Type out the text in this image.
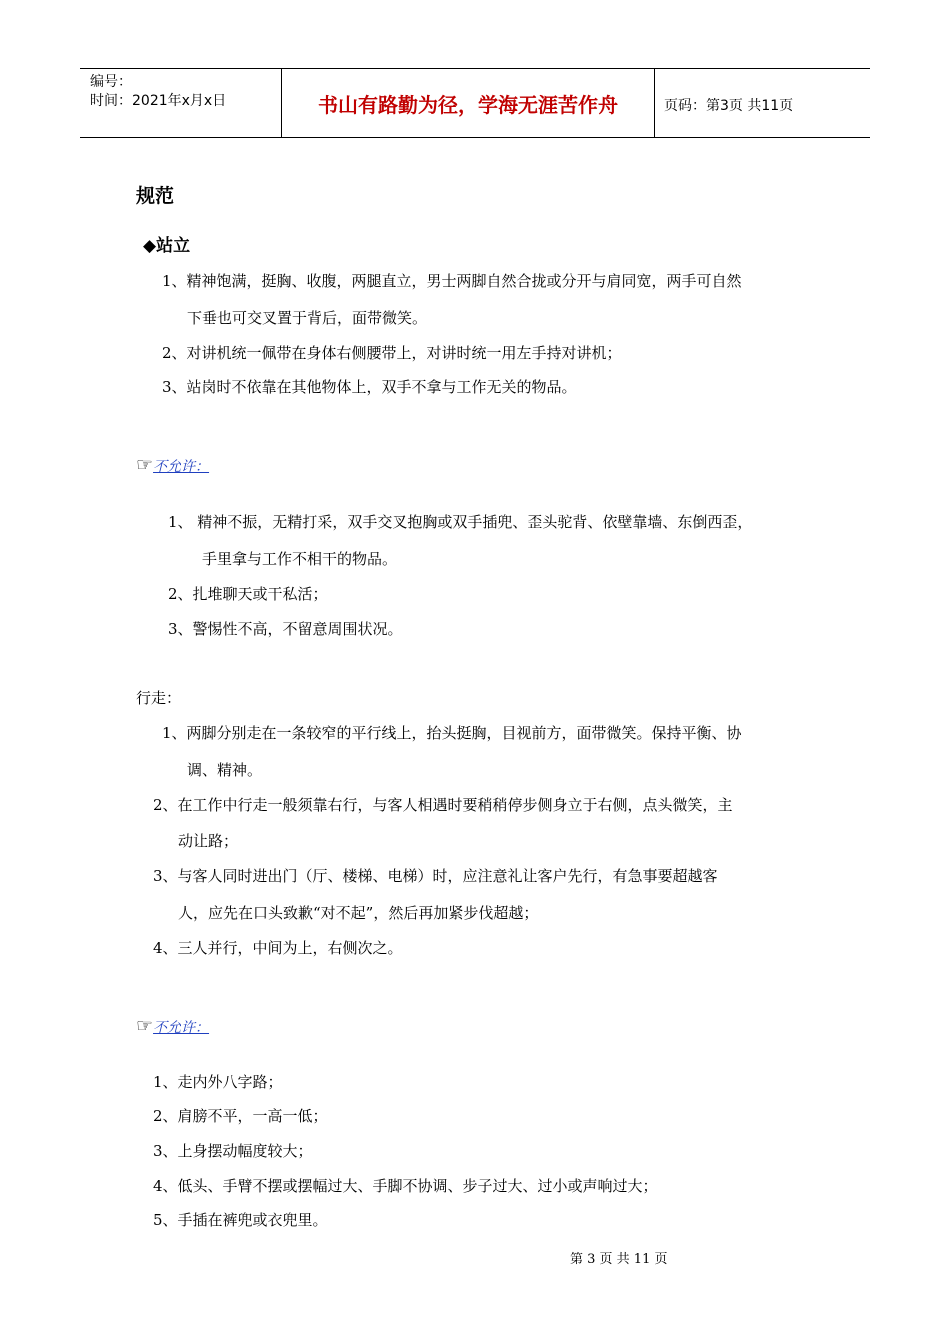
编号：
时间：2021年x月x日	书山有路勤为径，学海无涯苦作舟	页码：第3页 共11页
规范
◆站立
1、精神饱满，挺胸、收腹，两腿直立，男士两脚自然合拢或分开与肩同宽，两手可自然
下垂也可交叉置于背后，面带微笑。
2、对讲机统一佩带在身体右侧腰带上，对讲时统一用左手持对讲机；
3、站岗时不依靠在其他物体上，双手不拿与工作无关的物品。
☞不允许：
1、 精神不振，无精打采，双手交叉抱胸或双手插兜、歪头驼背、依壁靠墙、东倒西歪，
手里拿与工作不相干的物品。
2、扎堆聊天或干私活；
3、警惕性不高，不留意周围状况。
行走：
1、两脚分别走在一条较窄的平行线上，抬头挺胸，目视前方，面带微笑。保持平衡、协
调、精神。
2、在工作中行走一般须靠右行，与客人相遇时要稍稍停步侧身立于右侧，点头微笑，主
动让路；
3、与客人同时进出门（厅、楼梯、电梯）时，应注意礼让客户先行，有急事要超越客
人，应先在口头致歉“对不起”，然后再加紧步伐超越；
4、三人并行，中间为上，右侧次之。
☞不允许：
1、走内外八字路；
2、肩膀不平，一高一低；
3、上身摆动幅度较大；
4、低头、手臂不摆或摆幅过大、手脚不协调、步子过大、过小或声响过大；
5、手插在裤兜或衣兜里。
第 3 页 共 11 页
